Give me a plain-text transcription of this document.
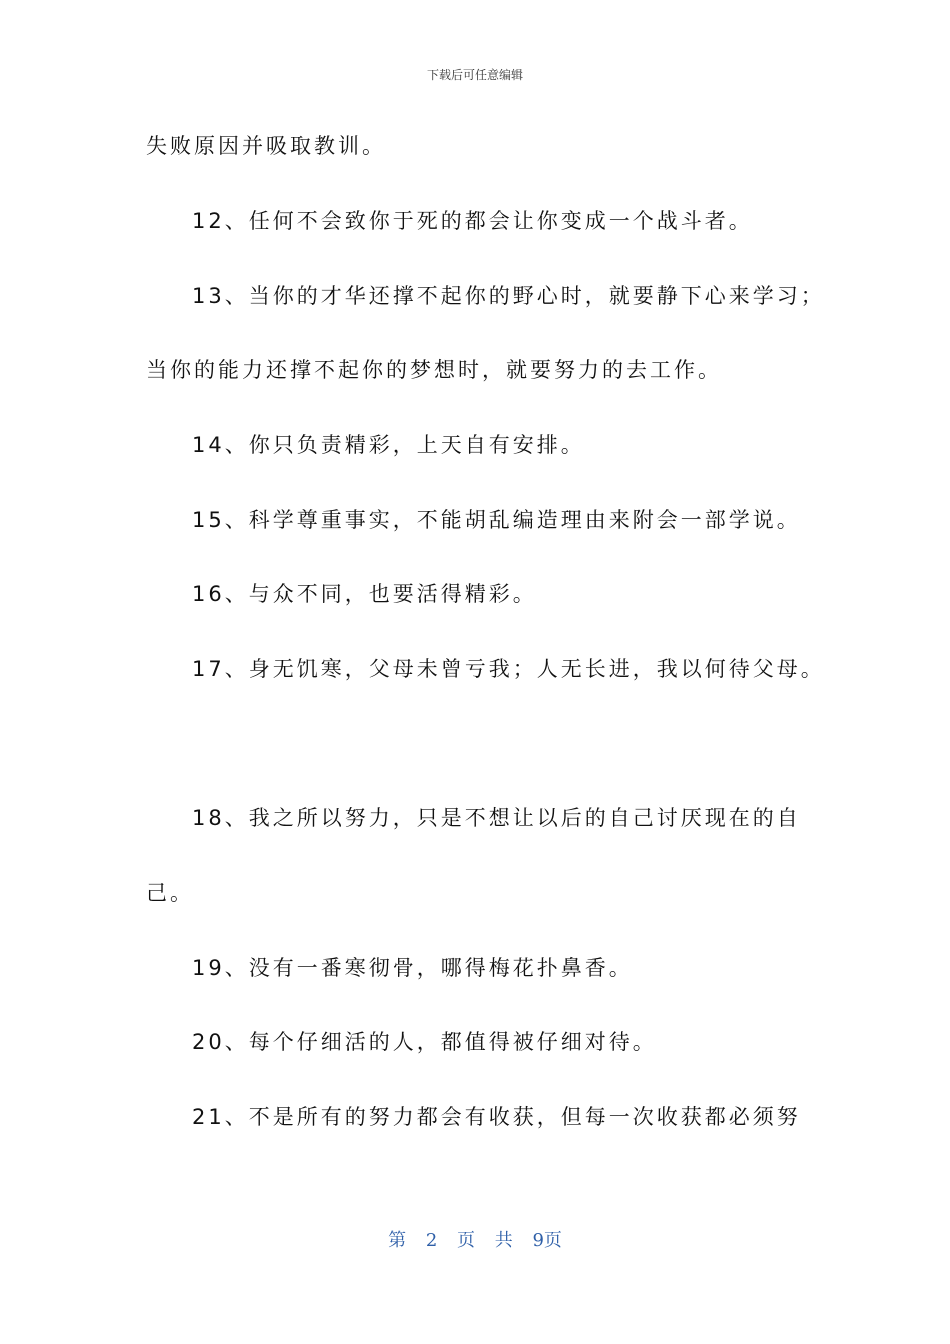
下载后可任意编辑
失败原因并吸取教训。
12、任何不会致你于死的都会让你变成一个战斗者。
13、当你的才华还撑不起你的野心时，就要静下心来学习；
当你的能力还撑不起你的梦想时，就要努力的去工作。
14、你只负责精彩，上天自有安排。
15、科学尊重事实，不能胡乱编造理由来附会一部学说。
16、与众不同，也要活得精彩。
17、身无饥寒，父母未曾亏我；人无长进，我以何待父母。
18、我之所以努力，只是不想让以后的自己讨厌现在的自
己。
19、没有一番寒彻骨，哪得梅花扑鼻香。
20、每个仔细活的人，都值得被仔细对待。
21、不是所有的努力都会有收获，但每一次收获都必须努
第 2 页 共 9页
